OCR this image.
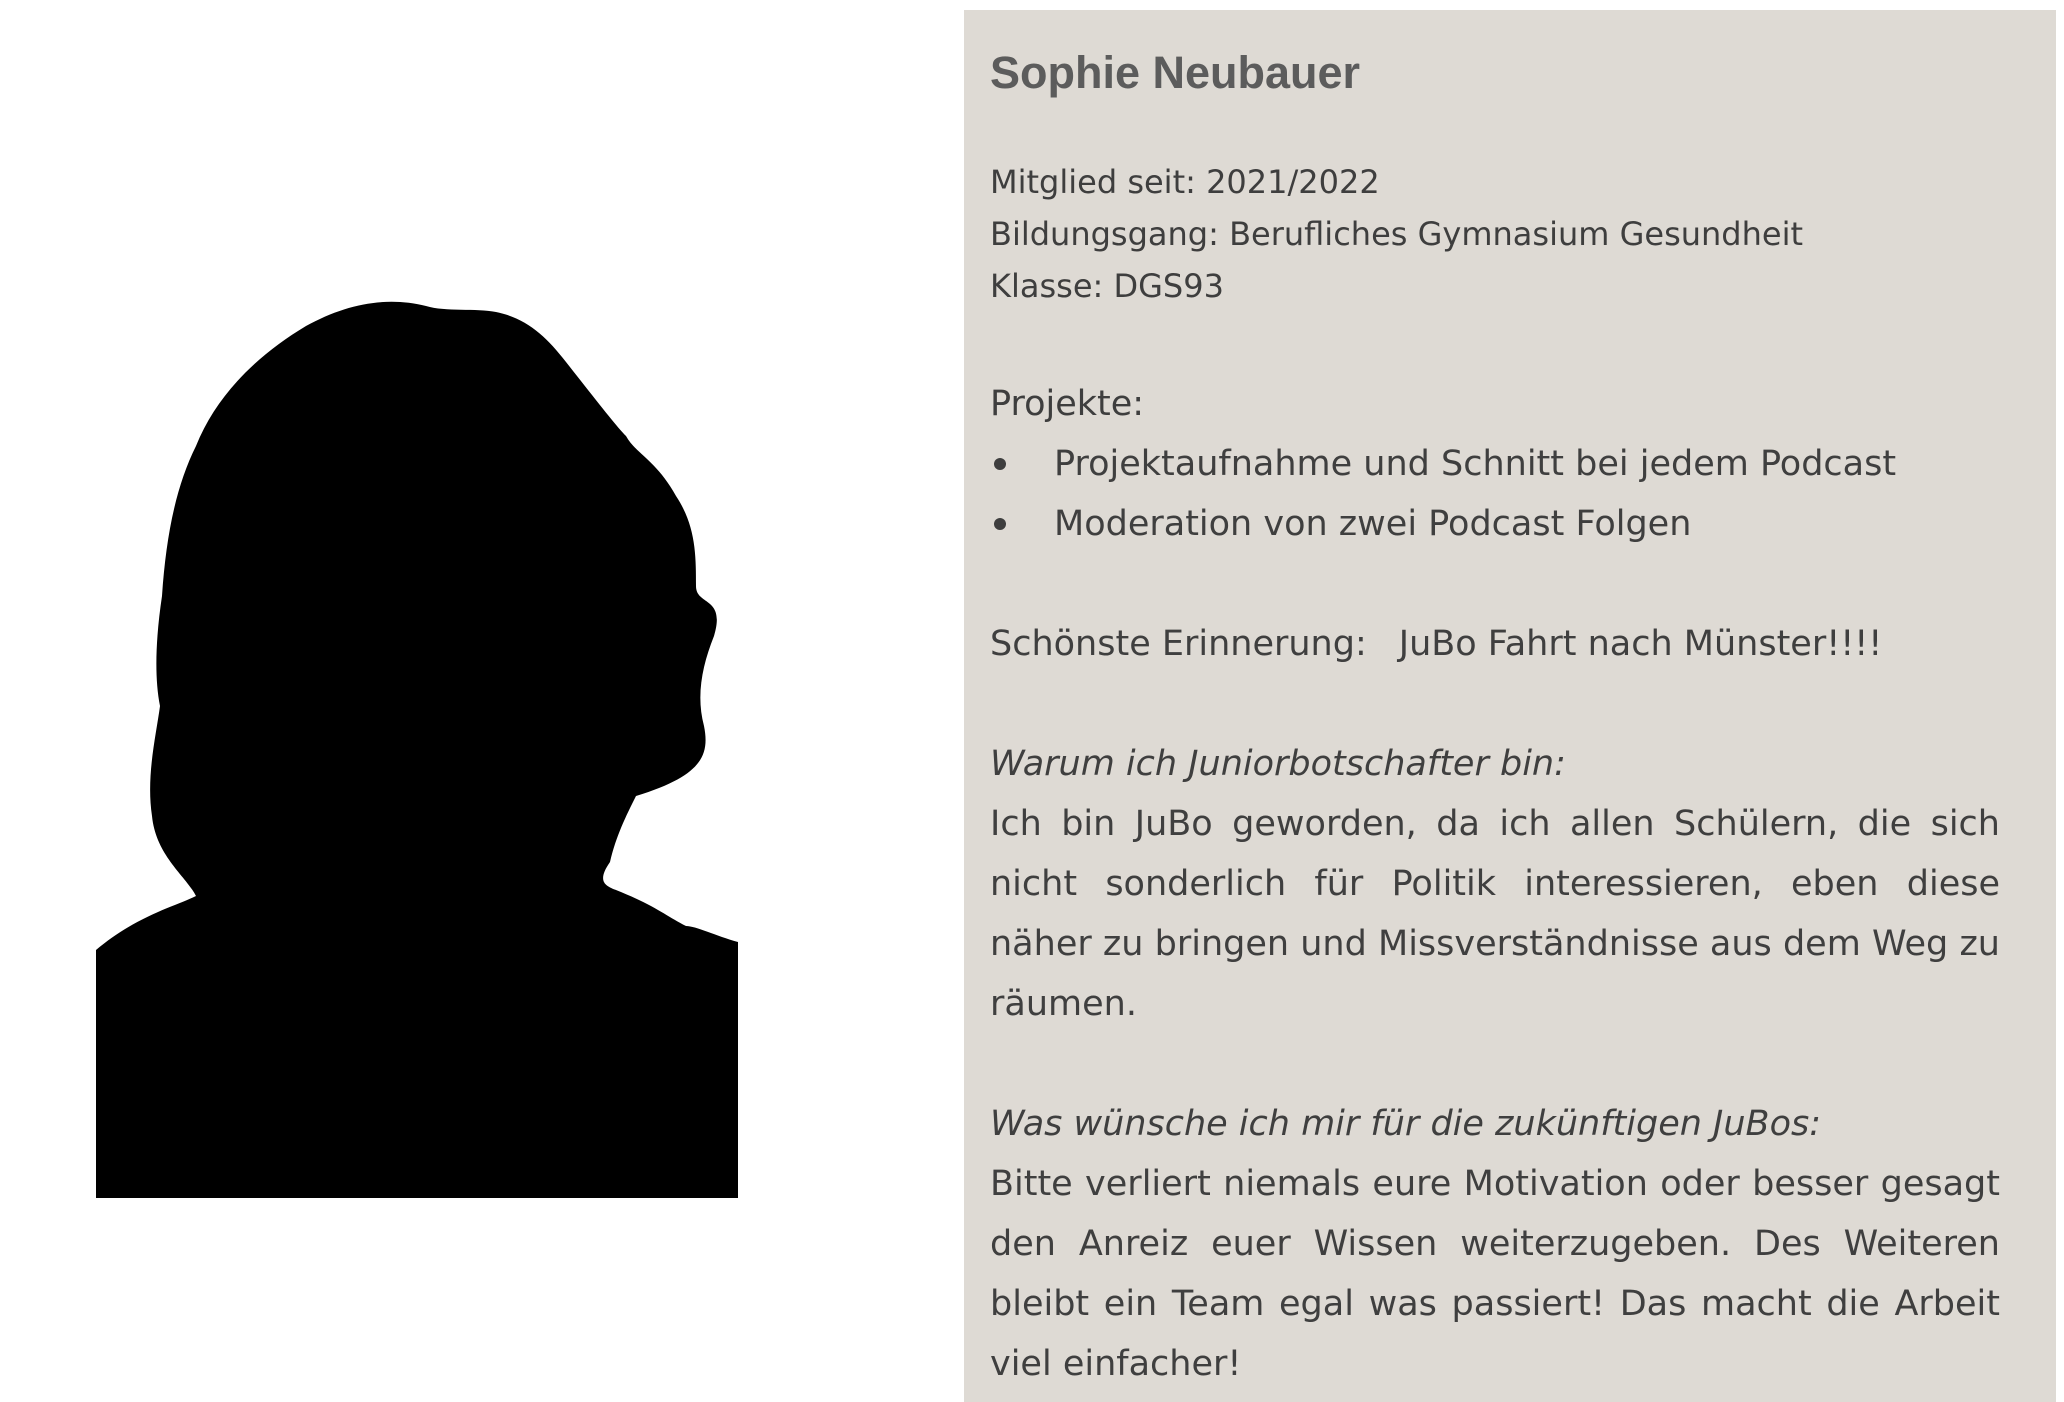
Sophie Neubauer
Mitglied seit: 2021/2022
Bildungsgang: Berufliches Gymnasium Gesundheit
Klasse: DGS93
Projekte:
Projektaufnahme und Schnitt bei jedem Podcast
Moderation von zwei Podcast Folgen
Schönste Erinnerung: JuBo Fahrt nach Münster!!!!
Warum ich Juniorbotschafter bin:
Ich bin JuBo geworden, da ich allen Schülern, die sich nicht sonderlich für Politik interessieren, eben diese näher zu bringen und Missverständnisse aus dem Weg zu räumen.
Was wünsche ich mir für die zukünftigen JuBos:
Bitte verliert niemals eure Motivation oder besser gesagt den Anreiz euer Wissen weiterzugeben. Des Weiteren bleibt ein Team egal was passiert! Das macht die Arbeit viel einfacher!
